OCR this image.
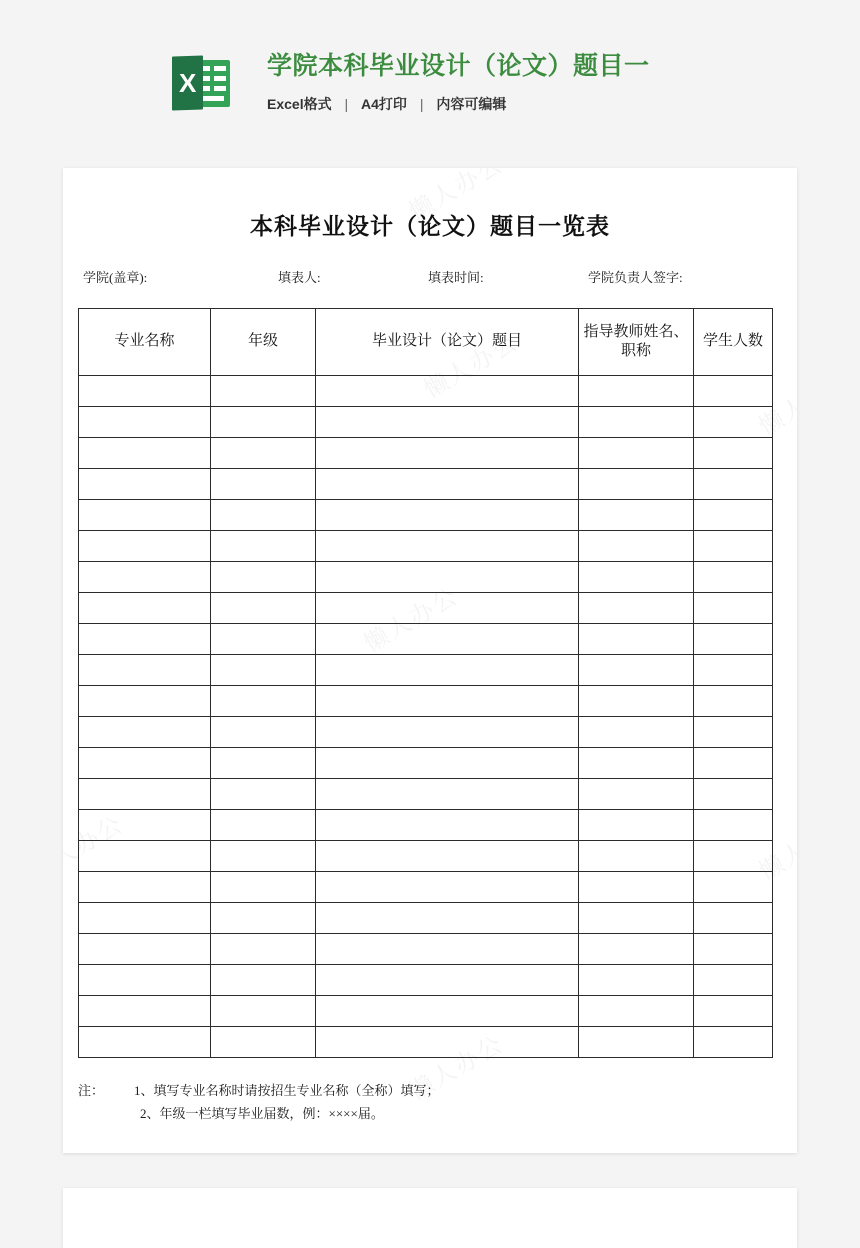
X
学院本科毕业设计（论文）题目一
Excel格式 | A4打印 | 内容可编辑
本科毕业设计（论文）题目一览表
学院(盖章):	填表人:	填表时间:	学院负责人签字:
专业名称	年级	毕业设计（论文）题目	指导教师姓名、职称	学生人数

注：	1、填写专业名称时请按招生专业名称（全称）填写；
2、年级一栏填写毕业届数，例：××××届。
